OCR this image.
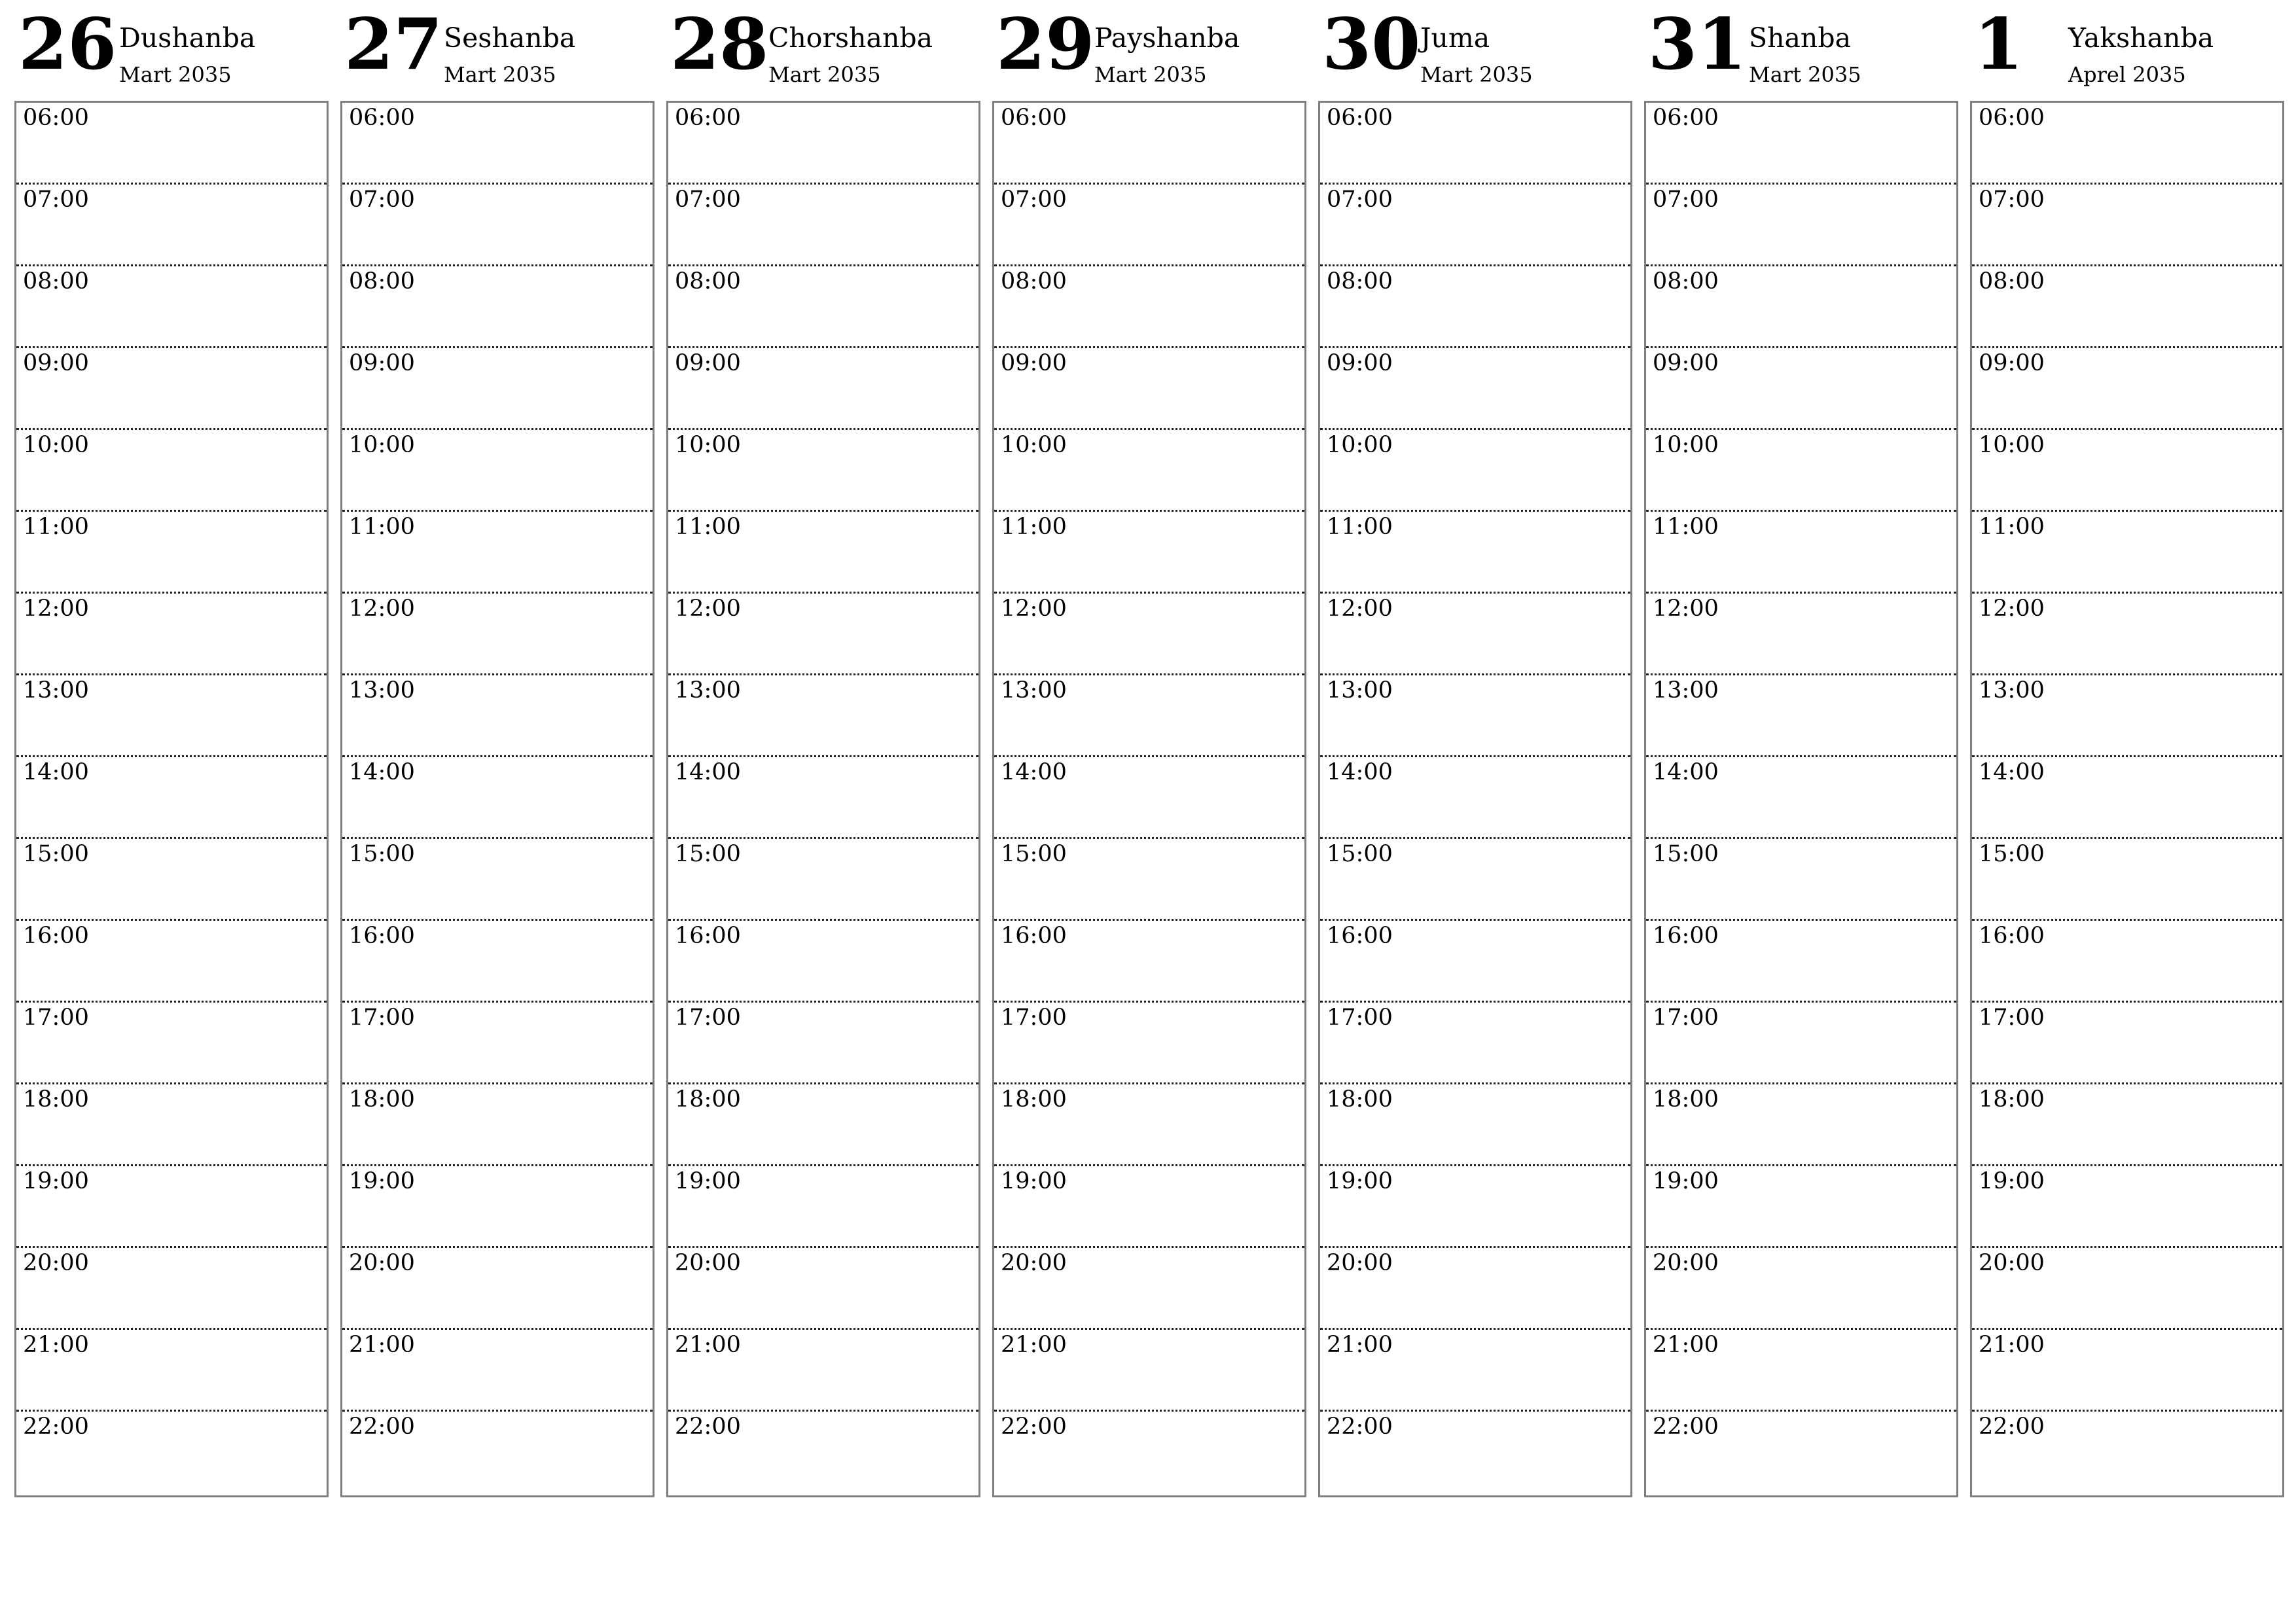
26 Dushanba
Mart 2035
06:00
07:00
08:00
09:00
10:00
11:00
12:00
13:00
14:00
15:00
16:00
17:00
18:00
19:00
20:00
21:00
22:00
27 Seshanba
Mart 2035
06:00
07:00
08:00
09:00
10:00
11:00
12:00
13:00
14:00
15:00
16:00
17:00
18:00
19:00
20:00
21:00
22:00
28 Chorshanba
Mart 2035
06:00
07:00
08:00
09:00
10:00
11:00
12:00
13:00
14:00
15:00
16:00
17:00
18:00
19:00
20:00
21:00
22:00
29 Payshanba
Mart 2035
06:00
07:00
08:00
09:00
10:00
11:00
12:00
13:00
14:00
15:00
16:00
17:00
18:00
19:00
20:00
21:00
22:00
30 Juma
Mart 2035
06:00
07:00
08:00
09:00
10:00
11:00
12:00
13:00
14:00
15:00
16:00
17:00
18:00
19:00
20:00
21:00
22:00
31 Shanba
Mart 2035
06:00
07:00
08:00
09:00
10:00
11:00
12:00
13:00
14:00
15:00
16:00
17:00
18:00
19:00
20:00
21:00
22:00
1 Yakshanba
Aprel 2035
06:00
07:00
08:00
09:00
10:00
11:00
12:00
13:00
14:00
15:00
16:00
17:00
18:00
19:00
20:00
21:00
22:00
